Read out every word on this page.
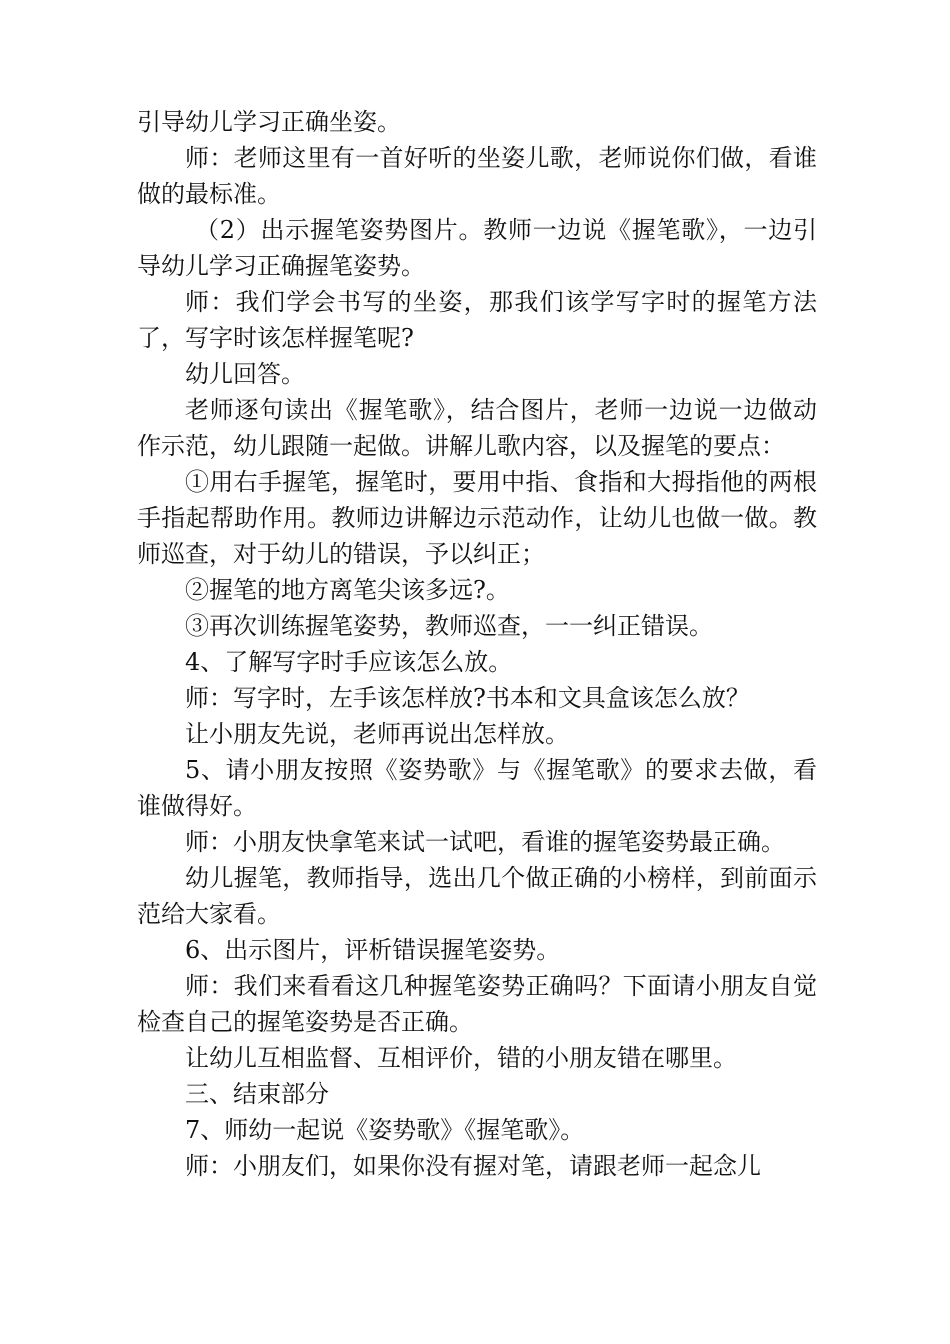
引导幼儿学习正确坐姿。

师：老师这里有一首好听的坐姿儿歌，老师说你们做，看谁做的最标准。

（2）出示握笔姿势图片。教师一边说《握笔歌》，一边引导幼儿学习正确握笔姿势。

师：我们学会书写的坐姿，那我们该学写字时的握笔方法了，写字时该怎样握笔呢?

幼儿回答。

老师逐句读出《握笔歌》，结合图片，老师一边说一边做动作示范，幼儿跟随一起做。讲解儿歌内容，以及握笔的要点：

①用右手握笔，握笔时，要用中指、食指和大拇指他的两根手指起帮助作用。教师边讲解边示范动作，让幼儿也做一做。教师巡查，对于幼儿的错误，予以纠正；

②握笔的地方离笔尖该多远?。

③再次训练握笔姿势，教师巡查，一一纠正错误。

4、了解写字时手应该怎么放。

师：写字时，左手该怎样放?书本和文具盒该怎么放？

让小朋友先说，老师再说出怎样放。

5、请小朋友按照《姿势歌》与《握笔歌》的要求去做，看谁做得好。

师：小朋友快拿笔来试一试吧，看谁的握笔姿势最正确。

幼儿握笔，教师指导，选出几个做正确的小榜样，到前面示范给大家看。

6、出示图片，评析错误握笔姿势。

师：我们来看看这几种握笔姿势正确吗？下面请小朋友自觉检查自己的握笔姿势是否正确。

让幼儿互相监督、互相评价，错的小朋友错在哪里。

三、结束部分

7、师幼一起说《姿势歌》《握笔歌》。

师：小朋友们，如果你没有握对笔，请跟老师一起念儿
